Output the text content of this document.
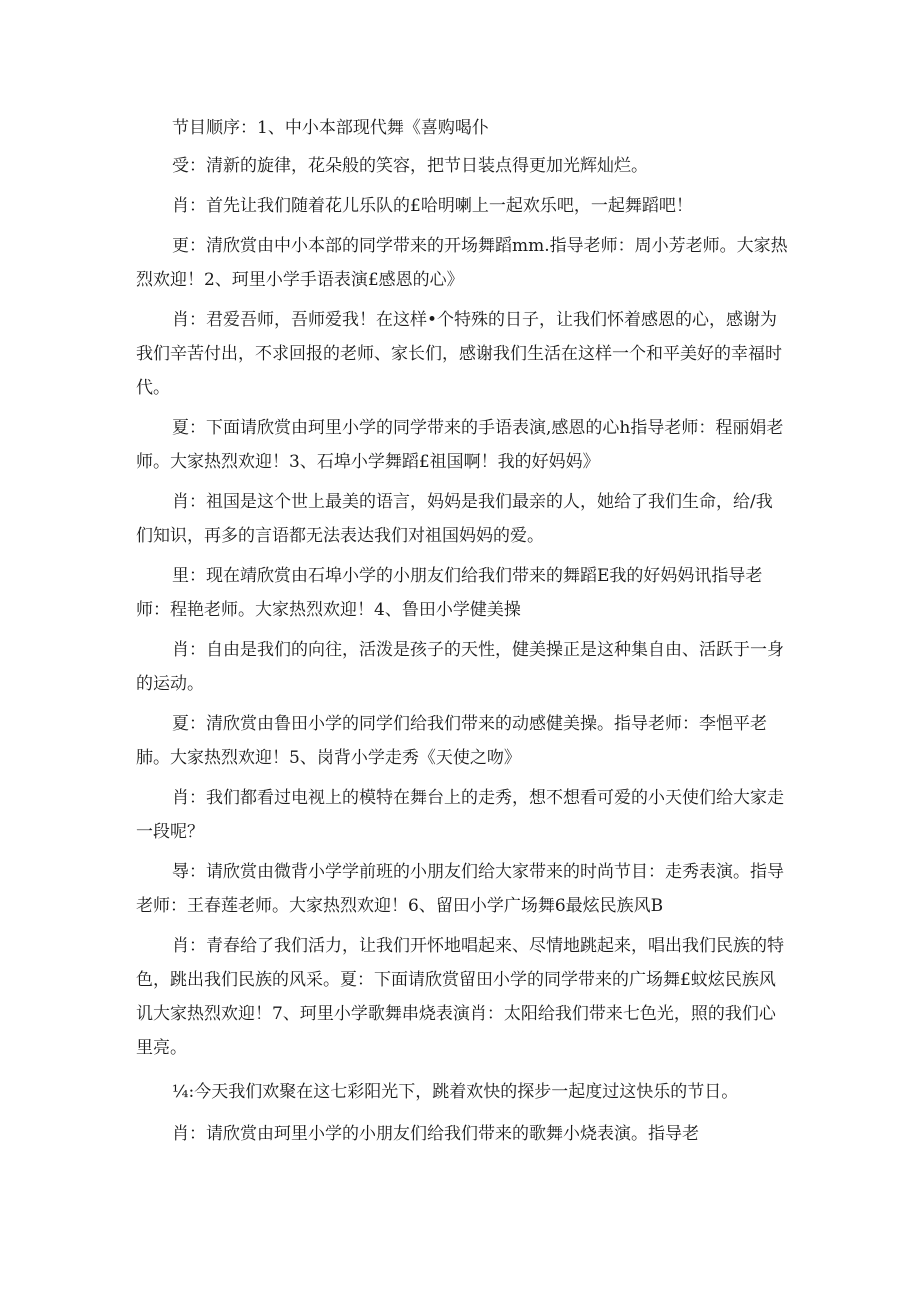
节目顺序：1、中小本部现代舞《喜购喝仆

受：清新的旋律，花朵般的笑容，把节日装点得更加光辉灿烂。

肖：首先让我们随着花儿乐队的£哈明喇上一起欢乐吧，一起舞蹈吧！

更：清欣赏由中小本部的同学带来的开场舞蹈mm.指导老师：周小芳老师。大家热烈欢迎！2、珂里小学手语表演£感恩的心》

肖：君爱吾师，吾师爱我！在这样•个特殊的日子，让我们怀着感恩的心，感谢为我们辛苦付出，不求回报的老师、家长们，感谢我们生活在这样一个和平美好的幸福时代。

夏：下面请欣赏由珂里小学的同学带来的手语表演,感恩的心h指导老师：程丽娟老师。大家热烈欢迎！3、石埠小学舞蹈£祖国啊！我的好妈妈》

肖：祖国是这个世上最美的语言，妈妈是我们最亲的人，她给了我们生命，给/我们知识，再多的言语都无法表达我们对祖国妈妈的爱。

里：现在靖欣赏由石埠小学的小朋友们给我们带来的舞蹈E我的好妈妈讯指导老师：程艳老师。大家热烈欢迎！4、鲁田小学健美操

肖：自由是我们的向往，活泼是孩子的天性，健美操正是这种集自由、活跃于一身的运动。

夏：清欣赏由鲁田小学的同学们给我们带来的动感健美操。指导老师：李悒平老肺。大家热烈欢迎！5、岗背小学走秀《天使之吻》

肖：我们都看过电视上的模特在舞台上的走秀，想不想看可爱的小天使们给大家走一段呢？

䙷：请欣赏由微背小学学前班的小朋友们给大家带来的时尚节目：走秀表演。指导老师：王春莲老师。大家热烈欢迎！6、留田小学广场舞6最炫民族风B

肖：青春给了我们活力，让我们开怀地唱起来、尽情地跳起来，唱出我们民族的特色，跳出我们民族的风采。夏：下面请欣赏留田小学的同学带来的广场舞£蚊炫民族风讥大家热烈欢迎！7、珂里小学歌舞串烧表演肖：太阳给我们带来七色光，照的我们心里亮。

¼:今天我们欢聚在这七彩阳光下，跳着欢快的探步一起度过这快乐的节日。

肖：请欣赏由珂里小学的小朋友们给我们带来的歌舞小烧表演。指导老
